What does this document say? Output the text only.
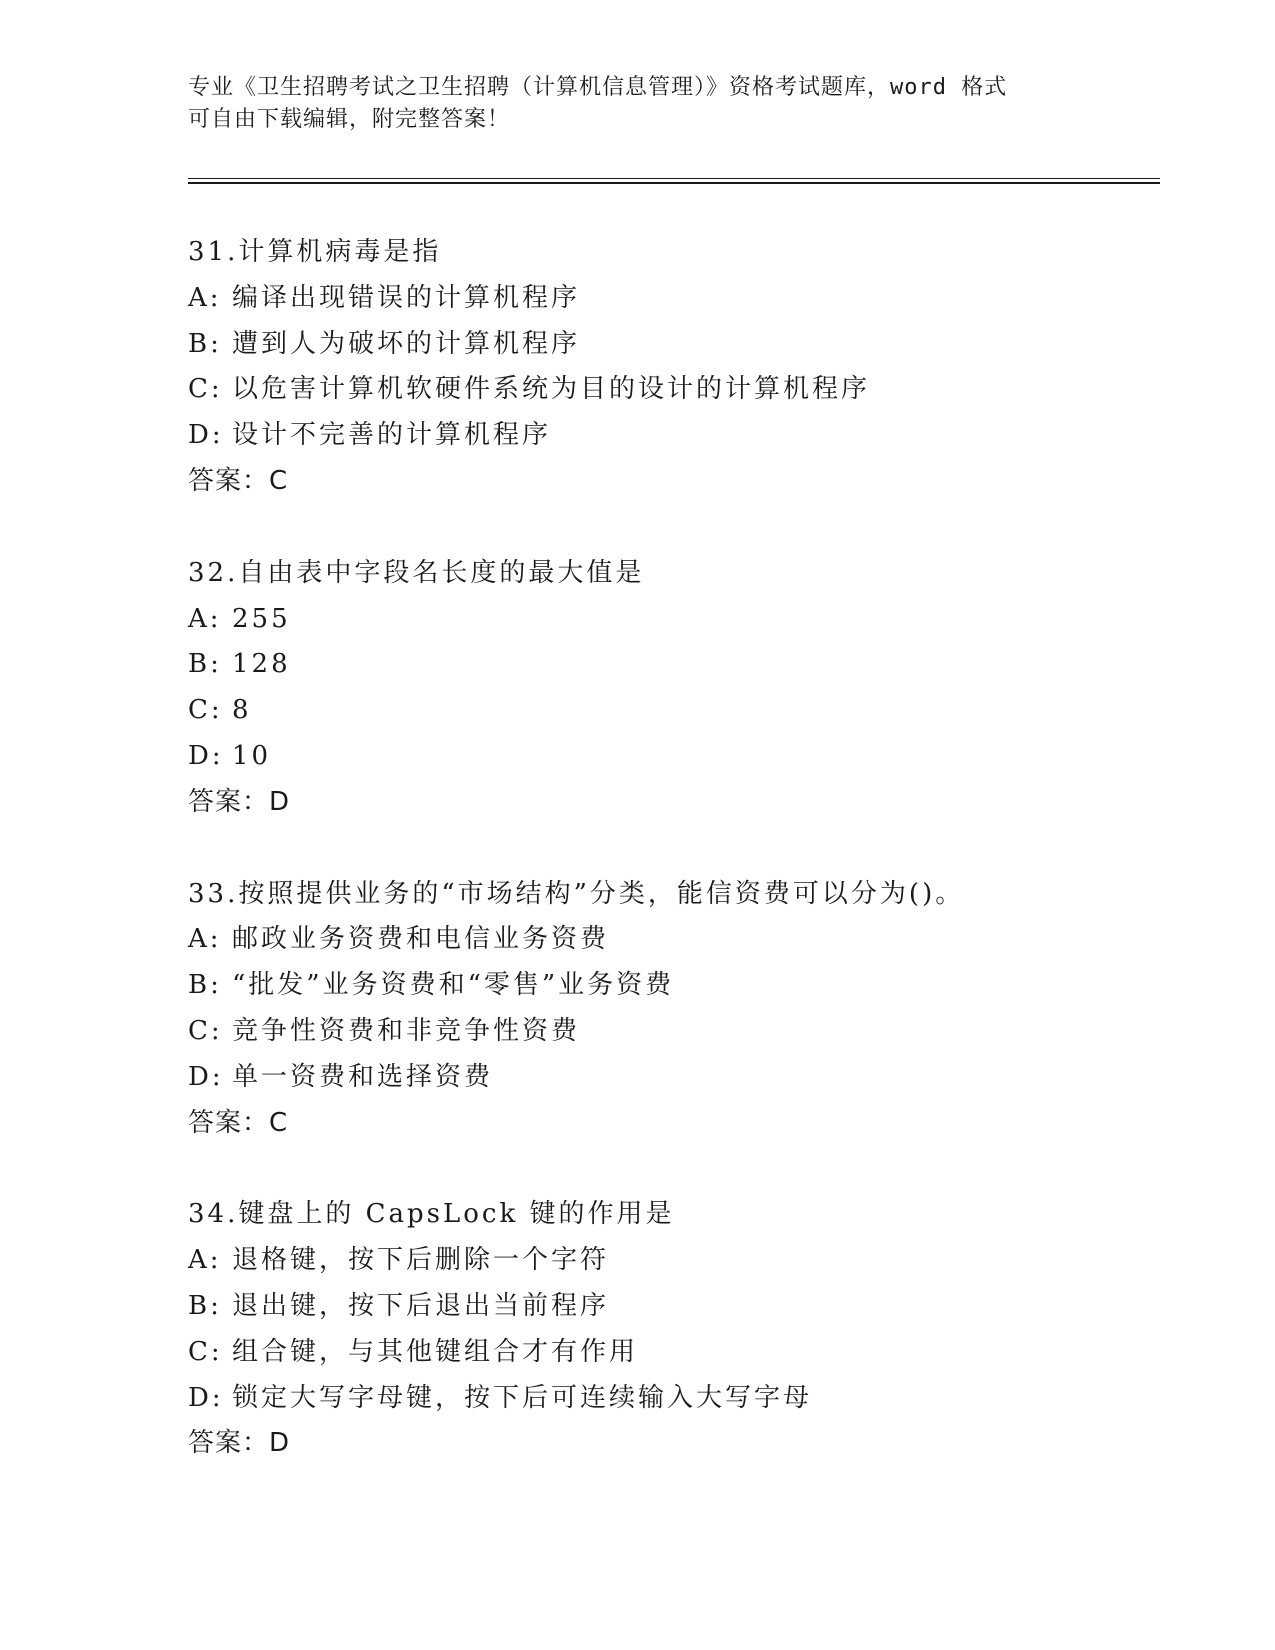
专业《卫生招聘考试之卫生招聘（计算机信息管理）》资格考试题库，word 格式
可自由下载编辑，附完整答案！
31.计算机病毒是指
A: 编译出现错误的计算机程序
B: 遭到人为破坏的计算机程序
C: 以危害计算机软硬件系统为目的设计的计算机程序
D: 设计不完善的计算机程序
答案：C
32.自由表中字段名长度的最大值是
A: 255
B: 128
C: 8
D: 10
答案：D
33.按照提供业务的“市场结构”分类，能信资费可以分为()。
A: 邮政业务资费和电信业务资费
B: “批发”业务资费和“零售”业务资费
C: 竞争性资费和非竞争性资费
D: 单一资费和选择资费
答案：C
34.键盘上的 CapsLock 键的作用是
A: 退格键，按下后删除一个字符
B: 退出键，按下后退出当前程序
C: 组合键，与其他键组合才有作用
D: 锁定大写字母键，按下后可连续输入大写字母
答案：D
